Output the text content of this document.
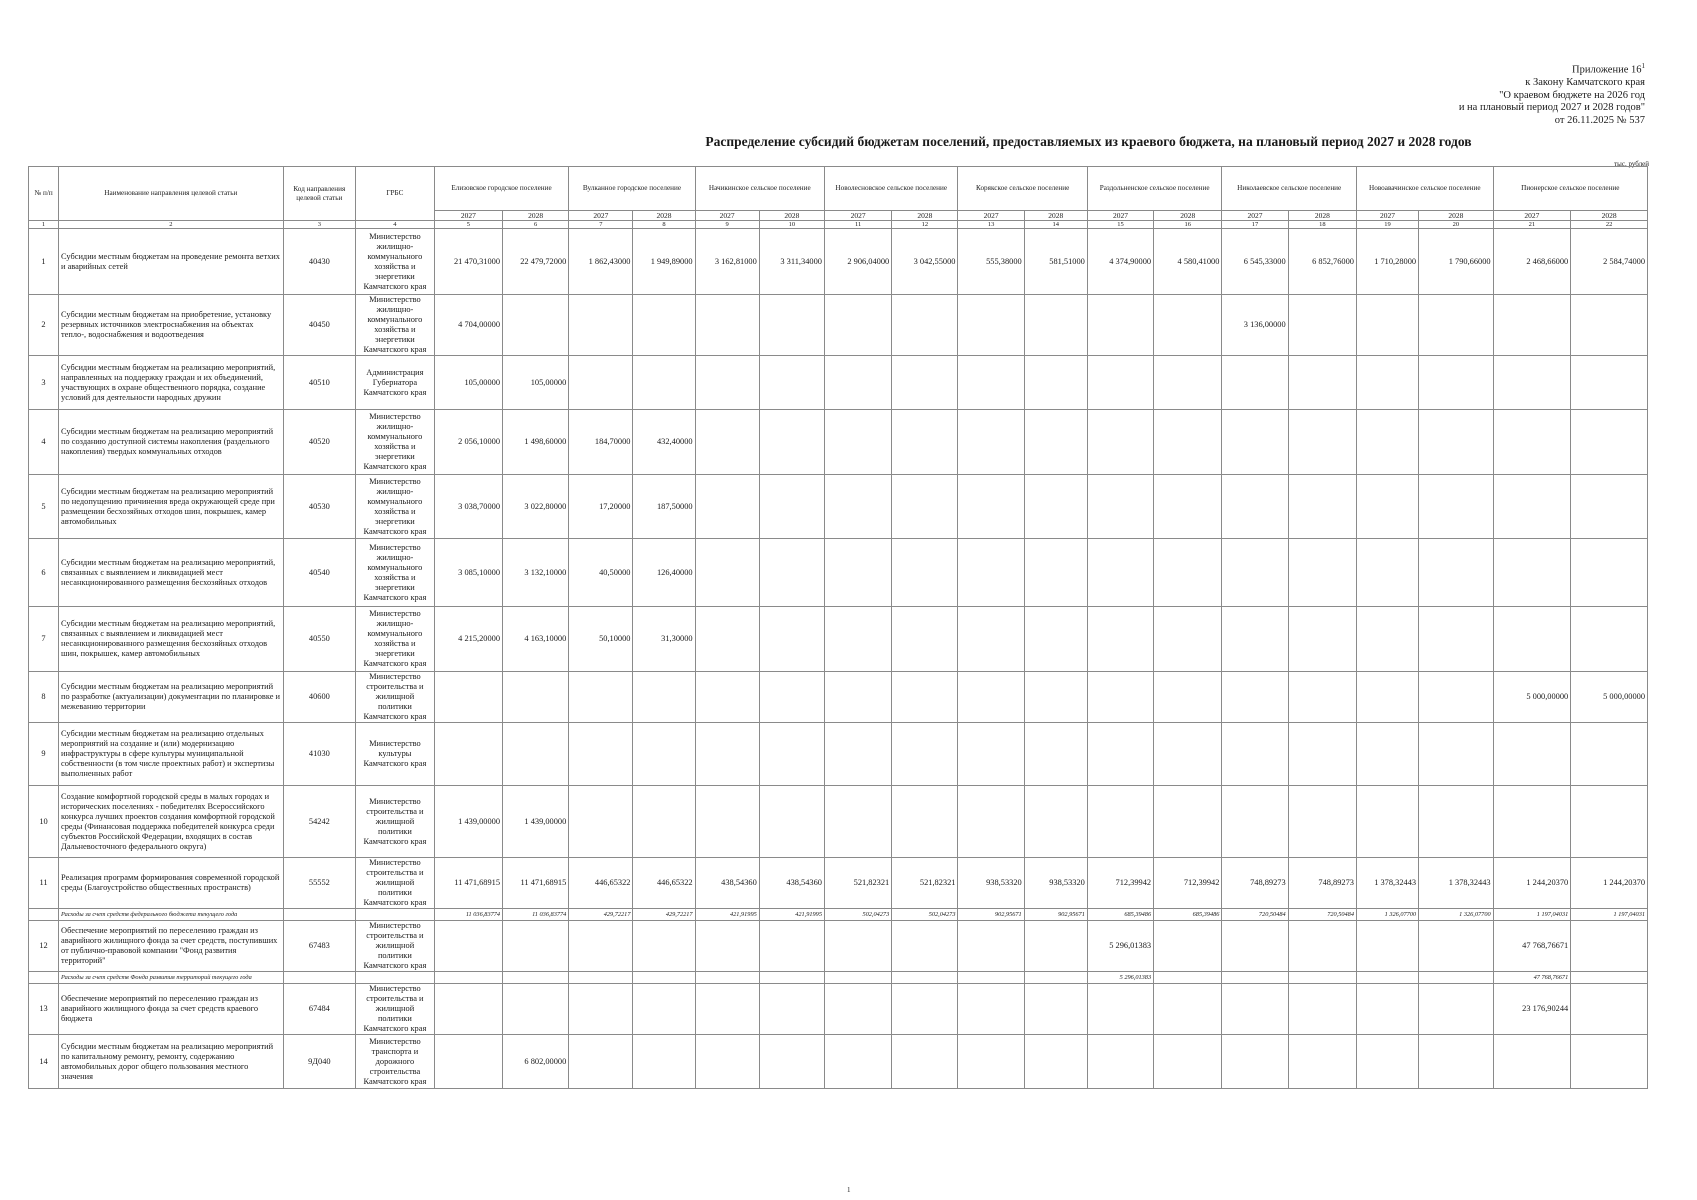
Приложение $16^1$
к Закону Камчатского края
"О краевом бюджете на 2026 год
и на плановый период 2027 и 2028 годов"
от 26.11.2025 № 537
Распределение субсидий бюджетам поселений, предоставляемых из краевого бюджета, на плановый период 2027 и 2028 годов
тыс. рублей
№ п/п	Наименование направления целевой статьи	Код направления целевой статьи	ГРБС	Елизовское городское поселение		Вулканное городское поселение		Начикинское сельское поселение		Новолесновское сельское поселение		Корякское сельское поселение		Раздольненское сельское поселение		Николаевское сельское поселение		Новоавачинское сельское поселение		Пионерское сельское поселение	
				2027	2028	2027	2028	2027	2028	2027	2028	2027	2028	2027	2028	2027	2028	2027	2028	2027	2028
1	2	3	4	5	6	7	8	9	10	11	12	13	14	15	16	17	18	19	20	21	22
1	Субсидии местным бюджетам на проведение ремонта ветхих и аварийных сетей	40430	Министерство жилищно-коммунального хозяйства и энергетики Камчатского края	21 470,31000	22 479,72000	1 862,43000	1 949,89000	3 162,81000	3 311,34000	2 906,04000	3 042,55000	555,38000	581,51000	4 374,90000	4 580,41000	6 545,33000	6 852,76000	1 710,28000	1 790,66000	2 468,66000	2 584,74000
2	Субсидии местным бюджетам на приобретение, установку резервных источников электроснабжения на объектах тепло-, водоснабжения и водоотведения	40450	Министерство жилищно-коммунального хозяйства и энергетики Камчатского края	4 704,00000												3 136,00000					
3	Субсидии местным бюджетам на реализацию мероприятий, направленных на поддержку граждан и их объединений, участвующих в охране общественного порядка, создание условий для деятельности народных дружин	40510	Администрация Губернатора Камчатского края	105,00000	105,00000																
4	Субсидии местным бюджетам на реализацию мероприятий по созданию доступной системы накопления (раздельного накопления) твердых коммунальных отходов	40520	Министерство жилищно-коммунального хозяйства и энергетики Камчатского края	2 056,10000	1 498,60000	184,70000	432,40000														
5	Субсидии местным бюджетам на реализацию мероприятий по недопущению причинения вреда окружающей среде при размещении бесхозяйных отходов шин, покрышек, камер автомобильных	40530	Министерство жилищно-коммунального хозяйства и энергетики Камчатского края	3 038,70000	3 022,80000	17,20000	187,50000														
6	Субсидии местным бюджетам на реализацию мероприятий, связанных с выявлением и ликвидацией мест несанкционированного размещения бесхозяйных отходов	40540	Министерство жилищно-коммунального хозяйства и энергетики Камчатского края	3 085,10000	3 132,10000	40,50000	126,40000														
7	Субсидии местным бюджетам на реализацию мероприятий, связанных с выявлением и ликвидацией мест несанкционированного размещения бесхозяйных отходов шин, покрышек, камер автомобильных	40550	Министерство жилищно-коммунального хозяйства и энергетики Камчатского края	4 215,20000	4 163,10000	50,10000	31,30000														
8	Субсидии местным бюджетам на реализацию мероприятий по разработке (актуализации) документации по планировке и межеванию территории	40600	Министерство строительства и жилищной политики Камчатского края																	5 000,00000	5 000,00000
9	Субсидии местным бюджетам на реализацию отдельных мероприятий на создание и (или) модернизацию инфраструктуры в сфере культуры муниципальной собственности (в том числе проектных работ) и экспертизы выполненных работ	41030	Министерство культуры Камчатского края																		
10	Создание комфортной городской среды в малых городах и исторических поселениях - победителях Всероссийского конкурса лучших проектов создания комфортной городской среды (Финансовая поддержка победителей конкурса среди субъектов Российской Федерации, входящих в состав Дальневосточного федерального округа)	54242	Министерство строительства и жилищной политики Камчатского края	1 439,00000	1 439,00000																
11	Реализация программ формирования современной городской среды (Благоустройство общественных пространств)	55552	Министерство строительства и жилищной политики Камчатского края	11 471,68915	11 471,68915	446,65322	446,65322	438,54360	438,54360	521,82321	521,82321	938,53320	938,53320	712,39942	712,39942	748,89273	748,89273	1 378,32443	1 378,32443	1 244,20370	1 244,20370
	Расходы за счет средств федерального бюджета текущего года			11 036,83774	11 036,83774	429,72217	429,72217	421,91995	421,91995	502,04273	502,04273	902,95671	902,95671	685,39486	685,39486	720,50484	720,50484	1 326,07700	1 326,07700	1 197,04031	1 197,04031
12	Обеспечение мероприятий по переселению граждан из аварийного жилищного фонда за счет средств, поступивших от публично-правовой компании "Фонд развития территорий"	67483	Министерство строительства и жилищной политики Камчатского края											5 296,01383						47 768,76671	
	Расходы за счет средств Фонда развития территорий текущего года													5 296,01383						47 768,76671	
13	Обеспечение мероприятий по переселению граждан из аварийного жилищного фонда за счет средств краевого бюджета	67484	Министерство строительства и жилищной политики Камчатского края																	23 176,90244	
14	Субсидии местным бюджетам на реализацию мероприятий по капитальному ремонту, ремонту, содержанию автомобильных дорог общего пользования местного значения	9Д040	Министерство транспорта и дорожного строительства Камчатского края		6 802,00000																
1
